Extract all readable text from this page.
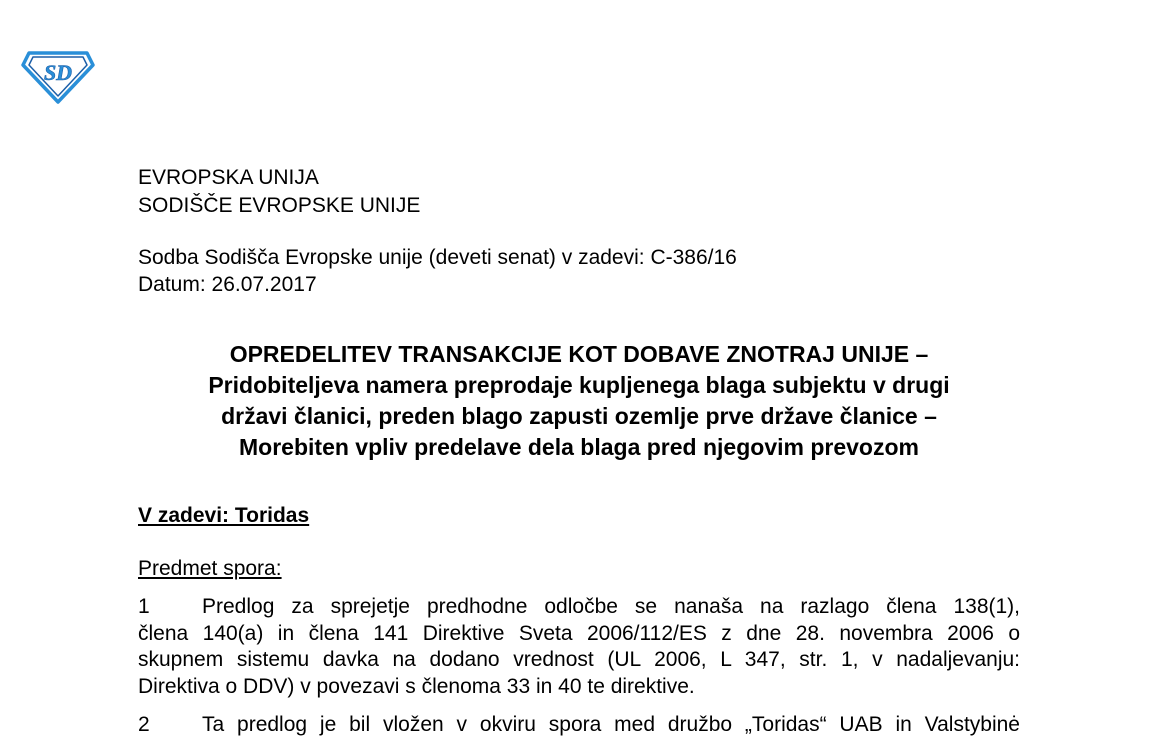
SD
EVROPSKA UNIJA
SODIŠČE EVROPSKE UNIJE
Sodba Sodišča Evropske unije (deveti senat) v zadevi: C-386/16
Datum: 26.07.2017
OPREDELITEV TRANSAKCIJE KOT DOBAVE ZNOTRAJ UNIJE –
Pridobiteljeva namera preprodaje kupljenega blaga subjektu v drugi
državi članici, preden blago zapusti ozemlje prve države članice –
Morebiten vpliv predelave dela blaga pred njegovim prevozom
V zadevi: Toridas
Predmet spora:
1 Predlog za sprejetje predhodne odločbe se nanaša na razlago člena 138(1),
člena 140(a) in člena 141 Direktive Sveta 2006/112/ES z dne 28. novembra 2006 o
skupnem sistemu davka na dodano vrednost (UL 2006, L 347, str. 1, v nadaljevanju:
Direktiva o DDV) v povezavi s členoma 33 in 40 te direktive.
2 Ta predlog je bil vložen v okviru spora med družbo „Toridas“ UAB in Valstybinė
